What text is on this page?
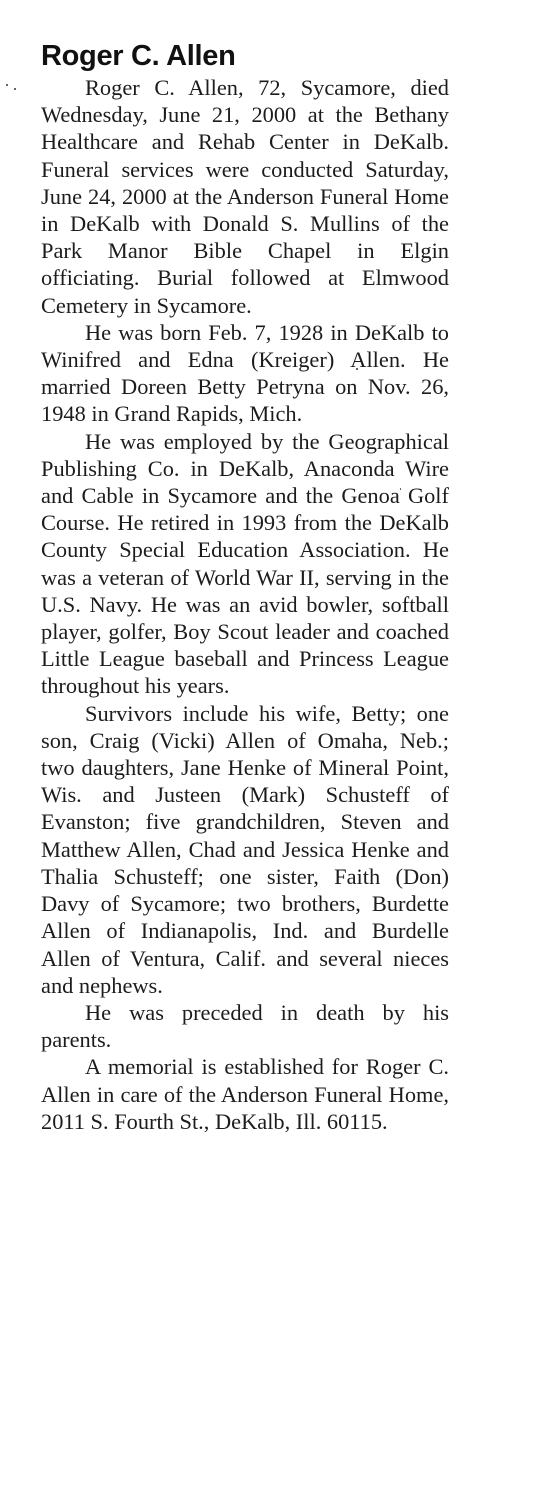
Roger C. Allen

Roger C. Allen, 72, Sycamore, died Wednesday, June 21, 2000 at the Bethany Healthcare and Rehab Center in DeKalb. Funeral services were conducted Saturday, June 24, 2000 at the Anderson Funeral Home in DeKalb with Donald S. Mullins of the Park Manor Bible Chapel in Elgin officiating. Burial followed at Elmwood Cemetery in Sycamore.

He was born Feb. 7, 1928 in DeKalb to Winifred and Edna (Kreiger) Allen. He married Doreen Betty Petryna on Nov. 26, 1948 in Grand Rapids, Mich.

He was employed by the Geographical Publishing Co. in DeKalb, Anaconda Wire and Cable in Sycamore and the Genoa Golf Course. He retired in 1993 from the DeKalb County Special Education Association. He was a veteran of World War II, serving in the U.S. Navy. He was an avid bowler, softball player, golfer, Boy Scout leader and coached Little League baseball and Princess League throughout his years.

Survivors include his wife, Betty; one son, Craig (Vicki) Allen of Omaha, Neb.; two daughters, Jane Henke of Mineral Point, Wis. and Justeen (Mark) Schusteff of Evanston; five grandchildren, Steven and Matthew Allen, Chad and Jessica Henke and Thalia Schusteff; one sister, Faith (Don) Davy of Sycamore; two brothers, Burdette Allen of Indianapolis, Ind. and Burdelle Allen of Ventura, Calif. and several nieces and nephews.

He was preceded in death by his parents.

A memorial is established for Roger C. Allen in care of the Anderson Funeral Home, 2011 S. Fourth St., DeKalb, Ill. 60115.
